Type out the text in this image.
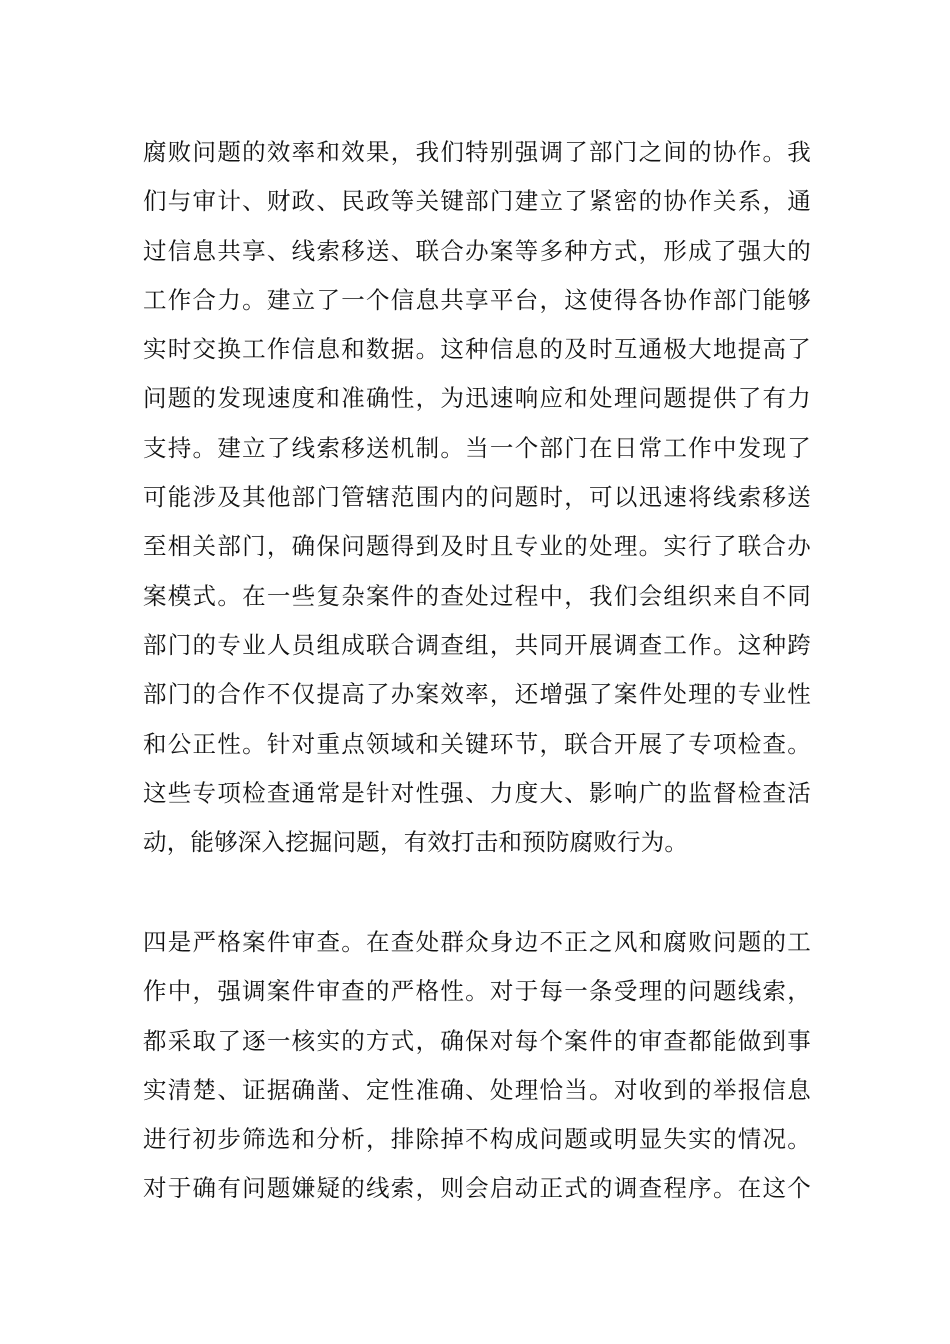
腐败问题的效率和效果，我们特别强调了部门之间的协作。我
们与审计、财政、民政等关键部门建立了紧密的协作关系，通
过信息共享、线索移送、联合办案等多种方式，形成了强大的
工作合力。建立了一个信息共享平台，这使得各协作部门能够
实时交换工作信息和数据。这种信息的及时互通极大地提高了
问题的发现速度和准确性，为迅速响应和处理问题提供了有力
支持。建立了线索移送机制。当一个部门在日常工作中发现了
可能涉及其他部门管辖范围内的问题时，可以迅速将线索移送
至相关部门，确保问题得到及时且专业的处理。实行了联合办
案模式。在一些复杂案件的查处过程中，我们会组织来自不同
部门的专业人员组成联合调查组，共同开展调查工作。这种跨
部门的合作不仅提高了办案效率，还增强了案件处理的专业性
和公正性。针对重点领域和关键环节，联合开展了专项检查。
这些专项检查通常是针对性强、力度大、影响广的监督检查活
动，能够深入挖掘问题，有效打击和预防腐败行为。
四是严格案件审查。在查处群众身边不正之风和腐败问题的工
作中，强调案件审查的严格性。对于每一条受理的问题线索，
都采取了逐一核实的方式，确保对每个案件的审查都能做到事
实清楚、证据确凿、定性准确、处理恰当。对收到的举报信息
进行初步筛选和分析，排除掉不构成问题或明显失实的情况。
对于确有问题嫌疑的线索，则会启动正式的调查程序。在这个
